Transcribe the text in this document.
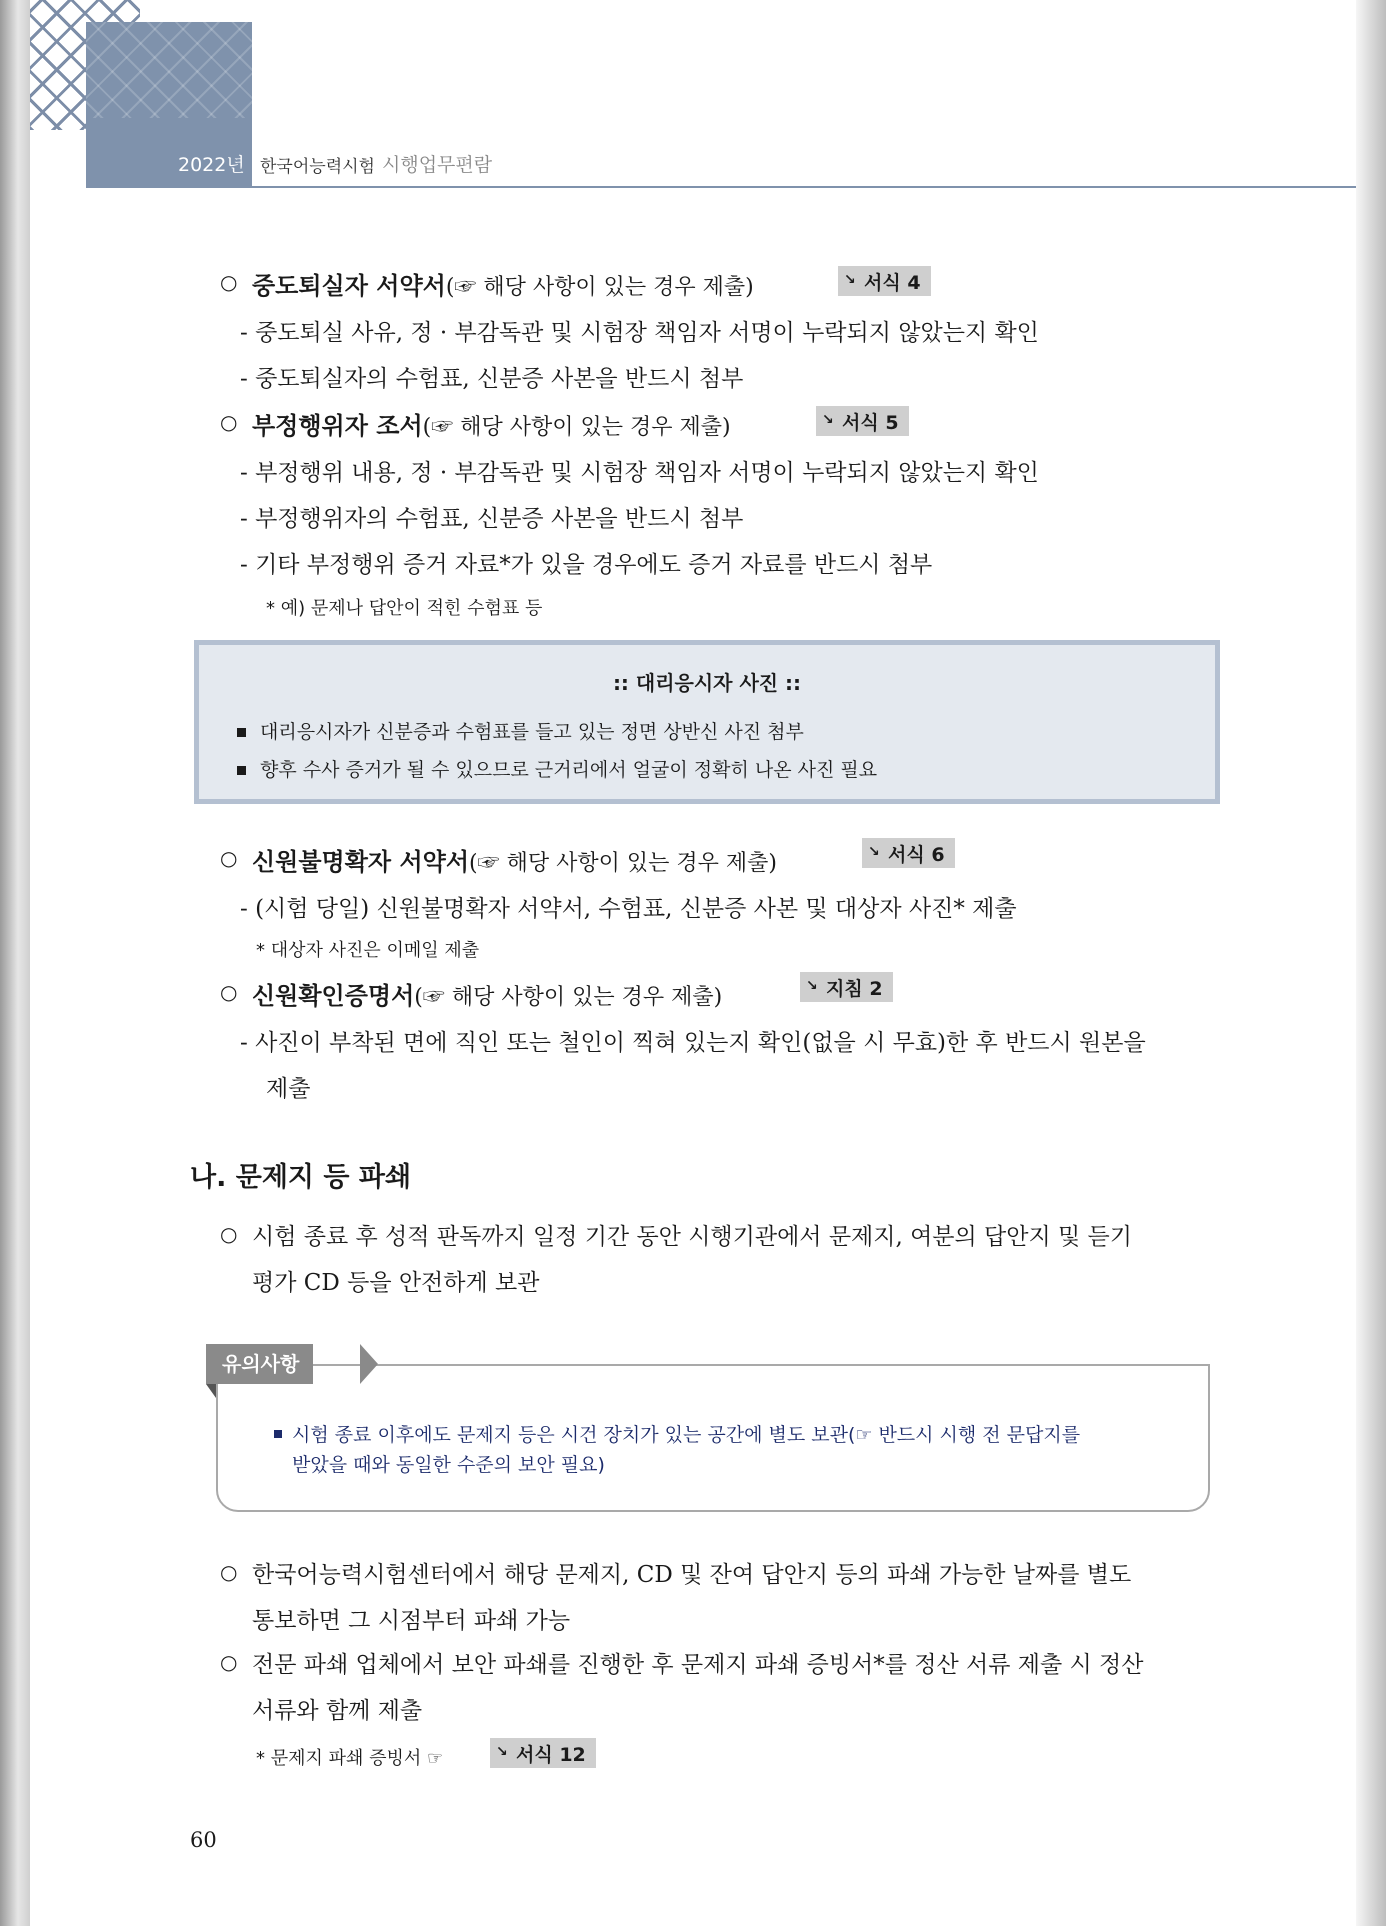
2022년 한국어능력시험 시행업무편람
○ 중도퇴실자 서약서(☞ 해당 사항이 있는 경우 제출)	↘ 서식 4
- 중도퇴실 사유, 정 · 부감독관 및 시험장 책임자 서명이 누락되지 않았는지 확인
- 중도퇴실자의 수험표, 신분증 사본을 반드시 첨부
○ 부정행위자 조서(☞ 해당 사항이 있는 경우 제출)	↘ 서식 5
- 부정행위 내용, 정 · 부감독관 및 시험장 책임자 서명이 누락되지 않았는지 확인
- 부정행위자의 수험표, 신분증 사본을 반드시 첨부
- 기타 부정행위 증거 자료*가 있을 경우에도 증거 자료를 반드시 첨부
* 예) 문제나 답안이 적힌 수험표 등
:: 대리응시자 사진 ::
대리응시자가 신분증과 수험표를 들고 있는 정면 상반신 사진 첨부
향후 수사 증거가 될 수 있으므로 근거리에서 얼굴이 정확히 나온 사진 필요
○ 신원불명확자 서약서(☞ 해당 사항이 있는 경우 제출)	↘ 서식 6
- (시험 당일) 신원불명확자 서약서, 수험표, 신분증 사본 및 대상자 사진* 제출
* 대상자 사진은 이메일 제출
○ 신원확인증명서(☞ 해당 사항이 있는 경우 제출)	↘ 지침 2
- 사진이 부착된 면에 직인 또는 철인이 찍혀 있는지 확인(없을 시 무효)한 후 반드시 원본을
제출
나. 문제지 등 파쇄
○ 시험 종료 후 성적 판독까지 일정 기간 동안 시행기관에서 문제지, 여분의 답안지 및 듣기
평가 CD 등을 안전하게 보관
유의사항
시험 종료 이후에도 문제지 등은 시건 장치가 있는 공간에 별도 보관(☞ 반드시 시행 전 문답지를
받았을 때와 동일한 수준의 보안 필요)
○ 한국어능력시험센터에서 해당 문제지, CD 및 잔여 답안지 등의 파쇄 가능한 날짜를 별도
통보하면 그 시점부터 파쇄 가능
○ 전문 파쇄 업체에서 보안 파쇄를 진행한 후 문제지 파쇄 증빙서*를 정산 서류 제출 시 정산
서류와 함께 제출
* 문제지 파쇄 증빙서 ☞	↘ 서식 12
60
